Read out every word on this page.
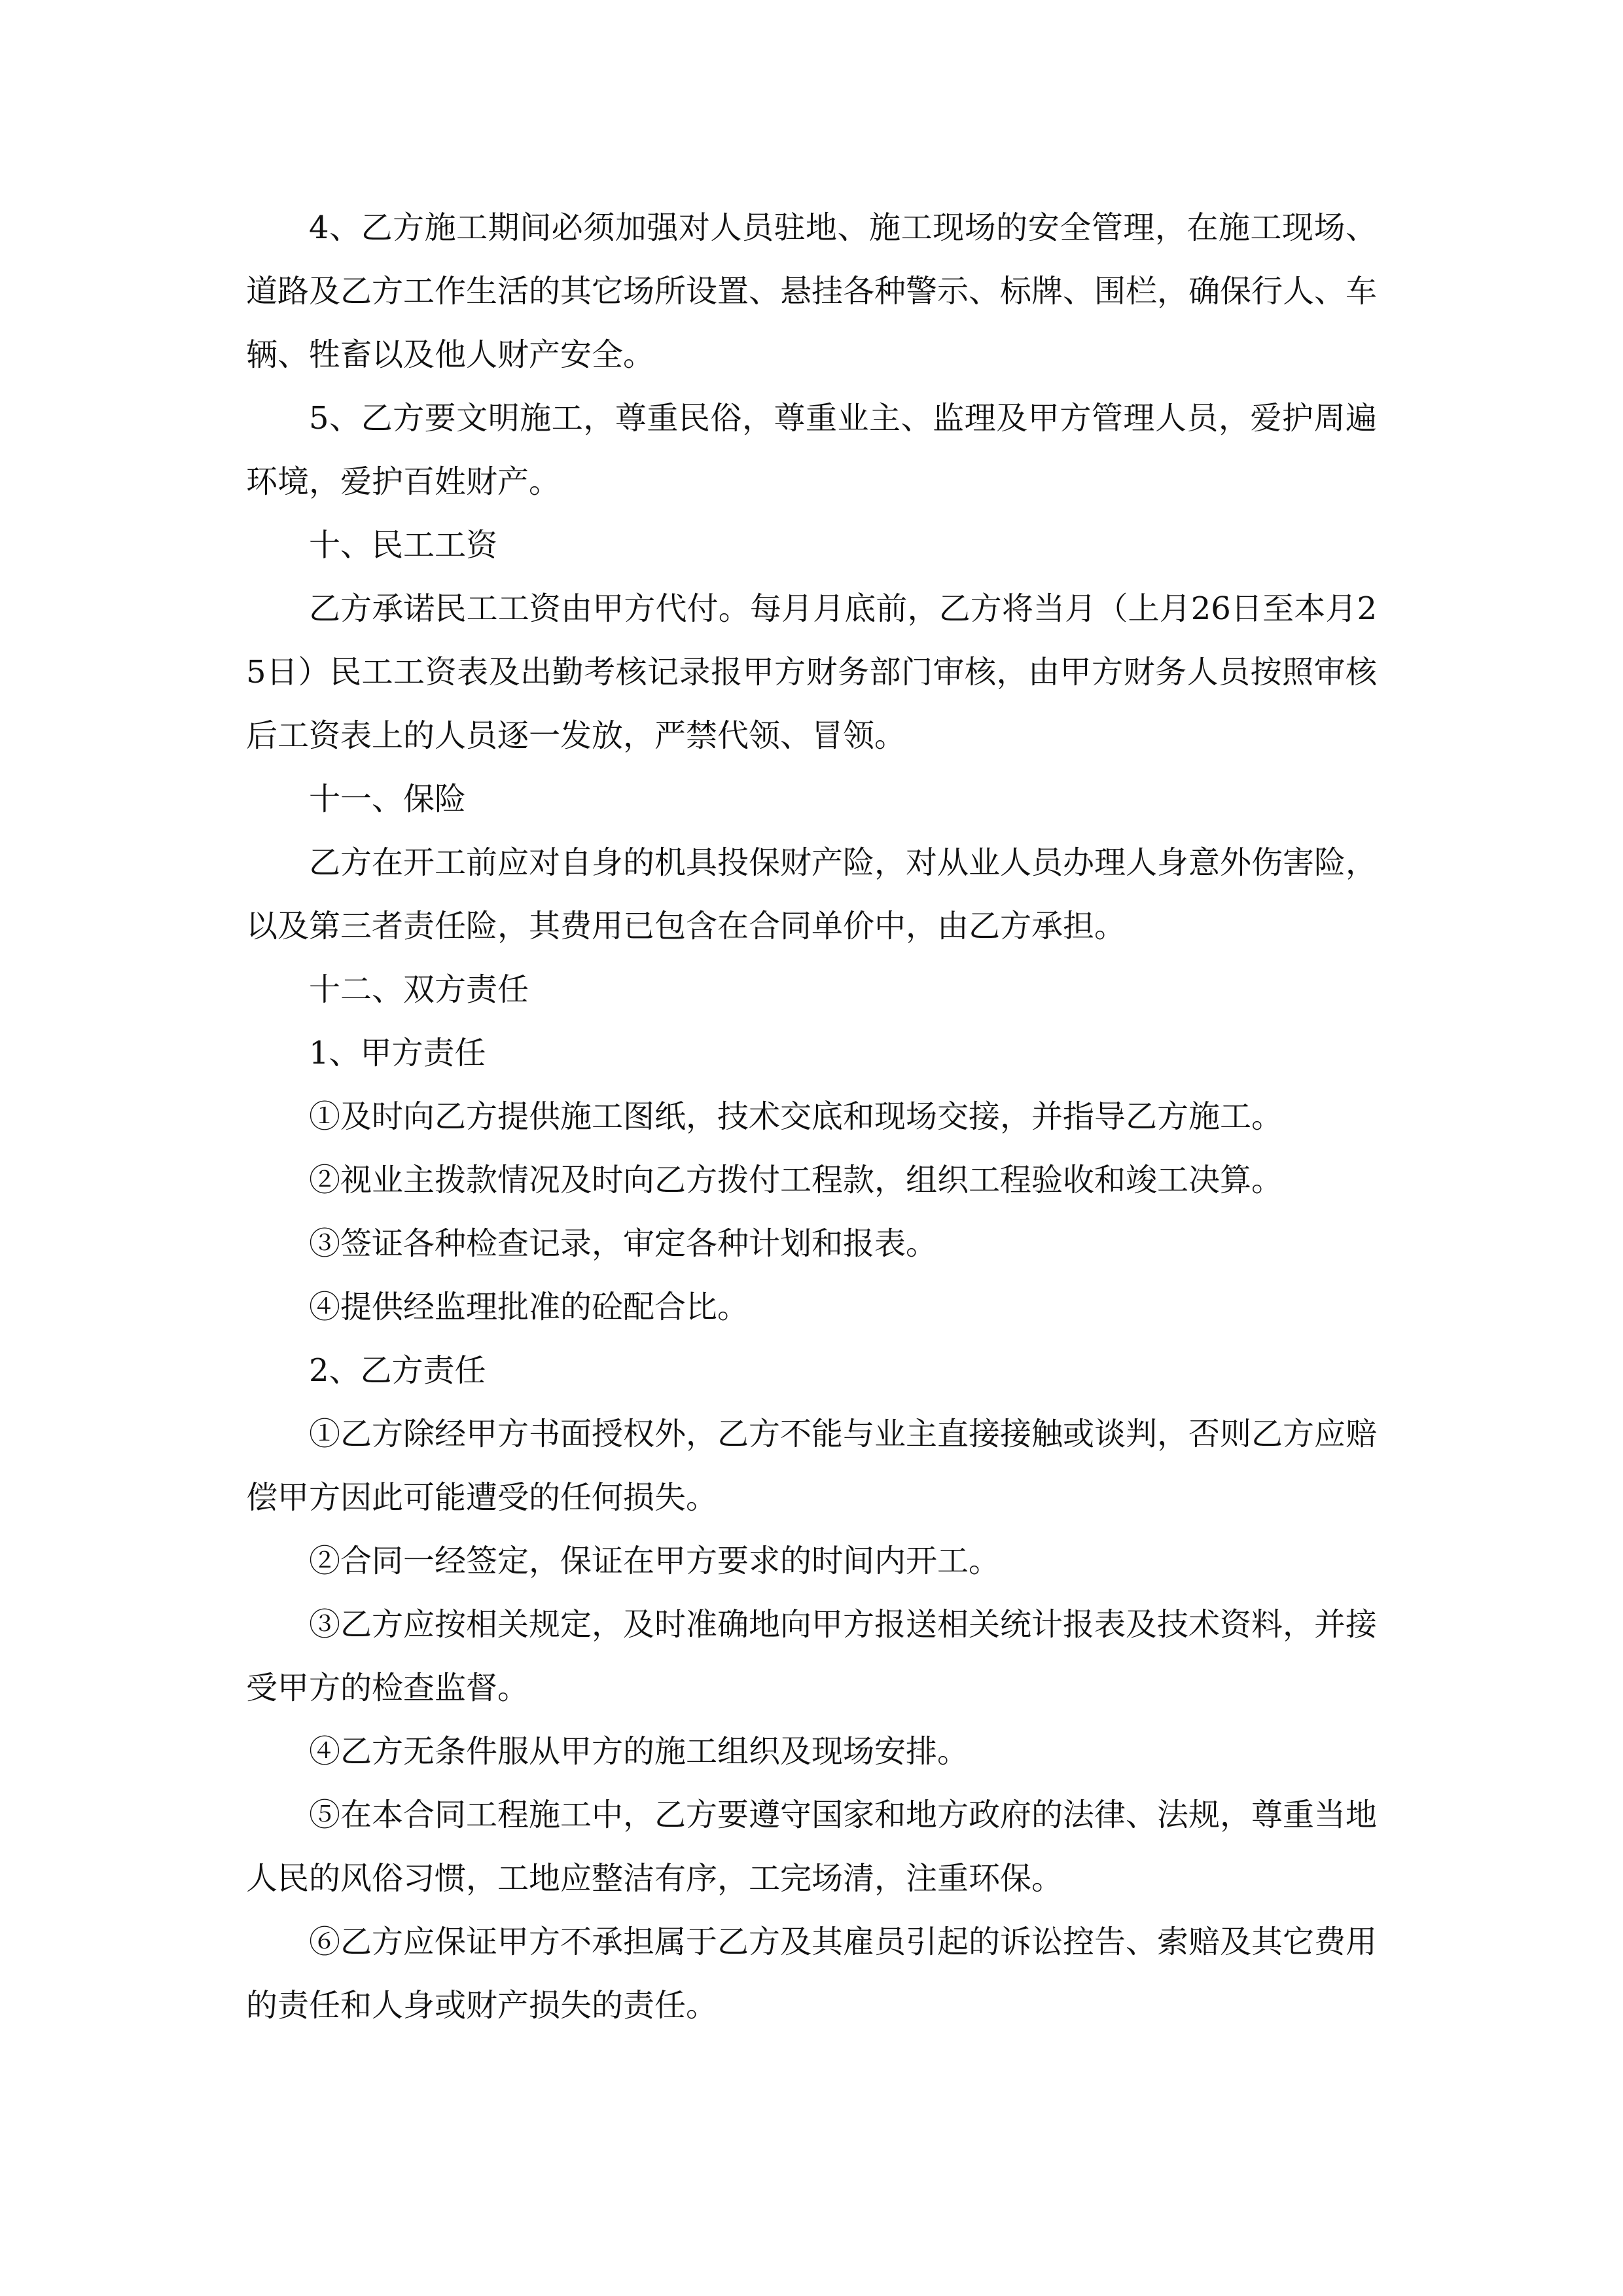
4、乙方施工期间必须加强对人员驻地、施工现场的安全管理，在施工现场、道路及乙方工作生活的其它场所设置、悬挂各种警示、标牌、围栏，确保行人、车辆、牲畜以及他人财产安全。

5、乙方要文明施工，尊重民俗，尊重业主、监理及甲方管理人员，爱护周遍环境，爱护百姓财产。

十、民工工资

乙方承诺民工工资由甲方代付。每月月底前，乙方将当月（上月26日至本月25日）民工工资表及出勤考核记录报甲方财务部门审核，由甲方财务人员按照审核后工资表上的人员逐一发放，严禁代领、冒领。

十一、保险

乙方在开工前应对自身的机具投保财产险，对从业人员办理人身意外伤害险，以及第三者责任险，其费用已包含在合同单价中，由乙方承担。

十二、双方责任

1、甲方责任

①及时向乙方提供施工图纸，技术交底和现场交接，并指导乙方施工。

②视业主拨款情况及时向乙方拨付工程款，组织工程验收和竣工决算。

③签证各种检查记录，审定各种计划和报表。

④提供经监理批准的砼配合比。

2、乙方责任

①乙方除经甲方书面授权外，乙方不能与业主直接接触或谈判，否则乙方应赔偿甲方因此可能遭受的任何损失。

②合同一经签定，保证在甲方要求的时间内开工。

③乙方应按相关规定，及时准确地向甲方报送相关统计报表及技术资料，并接受甲方的检查监督。

④乙方无条件服从甲方的施工组织及现场安排。

⑤在本合同工程施工中，乙方要遵守国家和地方政府的法律、法规，尊重当地人民的风俗习惯，工地应整洁有序，工完场清，注重环保。

⑥乙方应保证甲方不承担属于乙方及其雇员引起的诉讼控告、索赔及其它费用的责任和人身或财产损失的责任。
